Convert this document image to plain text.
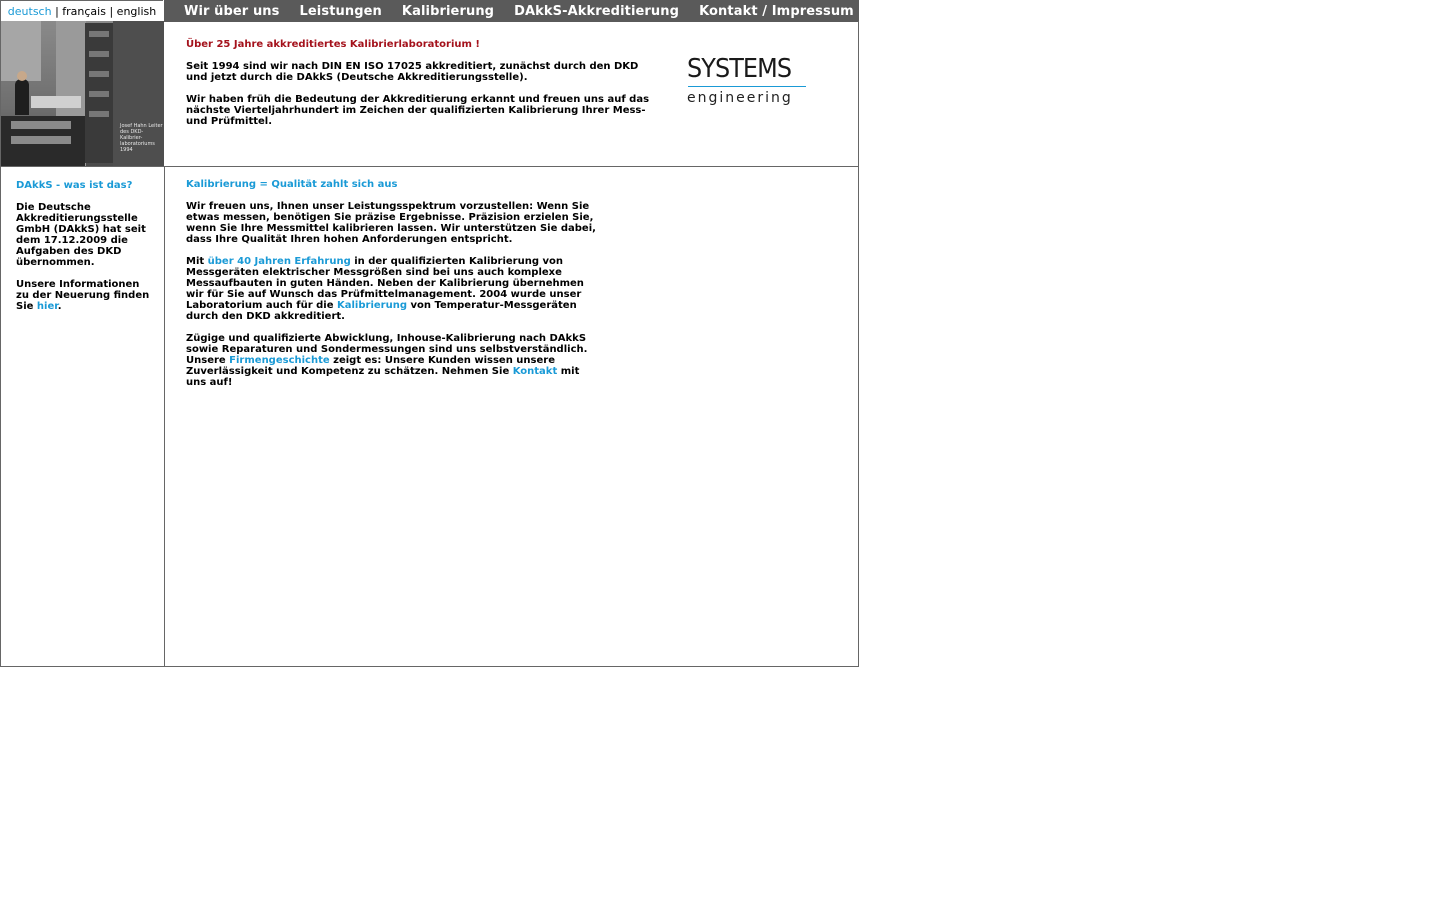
deutsch | français | english	Wir über uns	Leistungen	Kalibrierung	DAkkS-Akkreditierung	Kontakt / Impressum
Josef Hahn Leiter des DKD-Kalibrier-laboratoriums 1994
Über 25 Jahre akkreditiertes Kalibrierlaboratorium !

Seit 1994 sind wir nach DIN EN ISO 17025 akkreditiert, zunächst durch den DKD und jetzt durch die DAkkS (Deutsche Akkreditierungsstelle).

Wir haben früh die Bedeutung der Akkreditierung erkannt und freuen uns auf das nächste Vierteljahrhundert im Zeichen der qualifizierten Kalibrierung Ihrer Mess- und Prüfmittel.

SYSTEMS
engineering
DAkkS - was ist das?

Die Deutsche Akkreditierungsstelle GmbH (DAkkS) hat seit dem 17.12.2009 die Aufgaben des DKD übernommen.

Unsere Informationen zu der Neuerung finden Sie hier.

Kalibrierung = Qualität zahlt sich aus

Wir freuen uns, Ihnen unser Leistungsspektrum vorzustellen: Wenn Sie etwas messen, benötigen Sie präzise Ergebnisse. Präzision erzielen Sie, wenn Sie Ihre Messmittel kalibrieren lassen. Wir unterstützen Sie dabei, dass Ihre Qualität Ihren hohen Anforderungen entspricht.

Mit über 40 Jahren Erfahrung in der qualifizierten Kalibrierung von Messgeräten elektrischer Messgrößen sind bei uns auch komplexe Messaufbauten in guten Händen. Neben der Kalibrierung übernehmen wir für Sie auf Wunsch das Prüfmittelmanagement. 2004 wurde unser Laboratorium auch für die Kalibrierung von Temperatur-Messgeräten durch den DKD akkreditiert.

Zügige und qualifizierte Abwicklung, Inhouse-Kalibrierung nach DAkkS sowie Reparaturen und Sondermessungen sind uns selbstverständlich. Unsere Firmengeschichte zeigt es: Unsere Kunden wissen unsere Zuverlässigkeit und Kompetenz zu schätzen. Nehmen Sie Kontakt mit uns auf!
